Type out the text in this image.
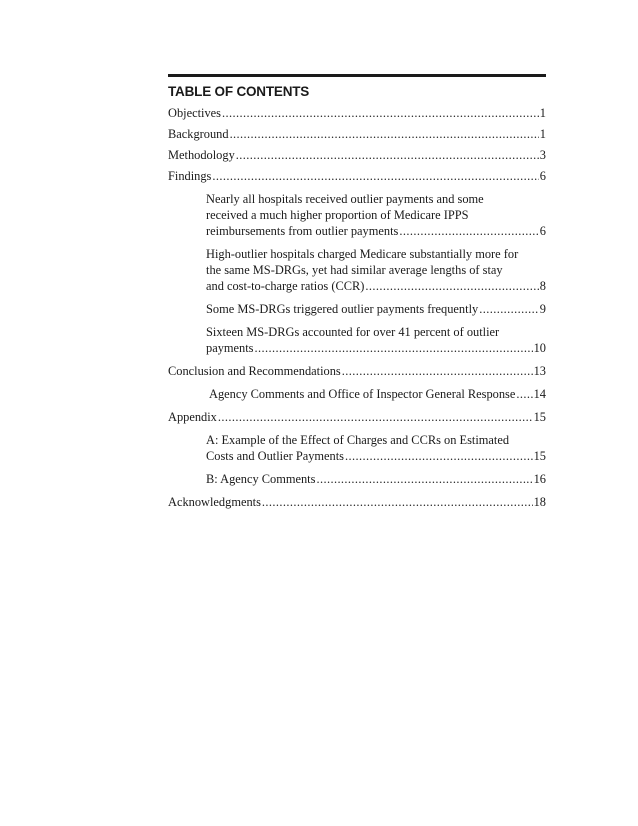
TABLE OF CONTENTS
Objectives .....	1
Background .....	1
Methodology .....	3
Findings .....	6
Nearly all hospitals received outlier payments and some
received a much higher proportion of Medicare IPPS
reimbursements from outlier payments .....	6
High-outlier hospitals charged Medicare substantially more for
the same MS-DRGs, yet had similar average lengths of stay
and cost-to-charge ratios (CCR) .....	8
Some MS-DRGs triggered outlier payments frequently .....	9
Sixteen MS-DRGs accounted for over 41 percent of outlier
payments .....	10
Conclusion and Recommendations .....	13
Agency Comments and Office of Inspector General Response ..... 14
Appendix .....	15
A: Example of the Effect of Charges and CCRs on Estimated
Costs and Outlier Payments .....	15
B: Agency Comments .....	16
Acknowledgments .....	18
